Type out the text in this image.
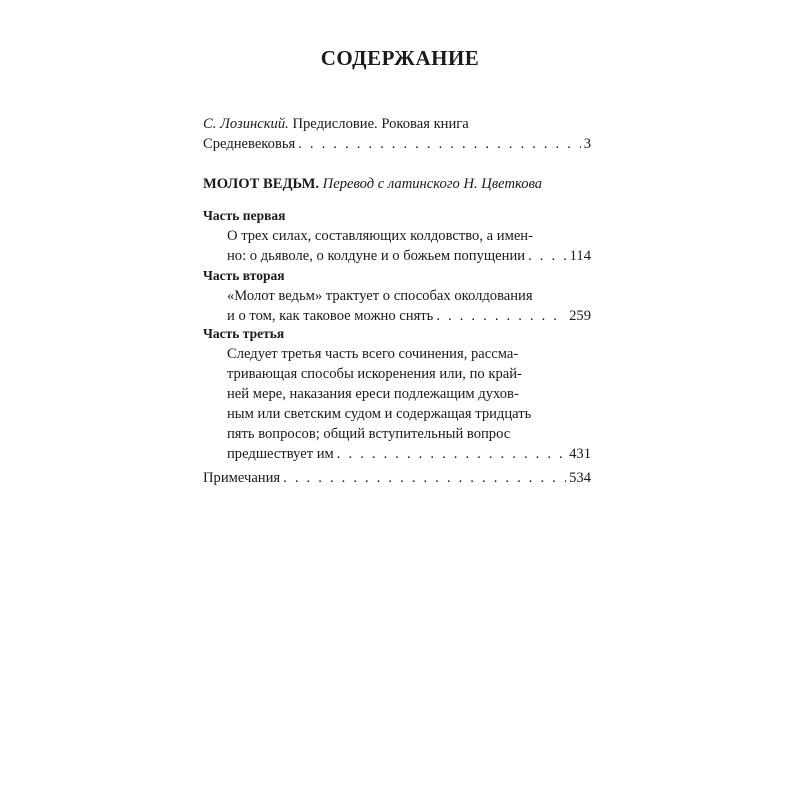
СОДЕРЖАНИЕ
С. Лозинский. Предисловие. Роковая книга
Средневековья . . .	3
МОЛОТ ВЕДЬМ. Перевод с латинского Н. Цветкова
Часть первая
О трех силах, составляющих колдовство, а имен-
но: о дьяволе, о колдуне и о божьем попущении . . .	114
Часть вторая
«Молот ведьм» трактует о способах околдования
и о том, как таковое можно снять . . .	259
Часть третья
Следует третья часть всего сочинения, рассма-
тривающая способы искоренения или, по край-
ней мере, наказания ереси подлежащим духов-
ным или светским судом и содержащая тридцать
пять вопросов; общий вступительный вопрос
предшествует им . . .	431
Примечания . . .	534
